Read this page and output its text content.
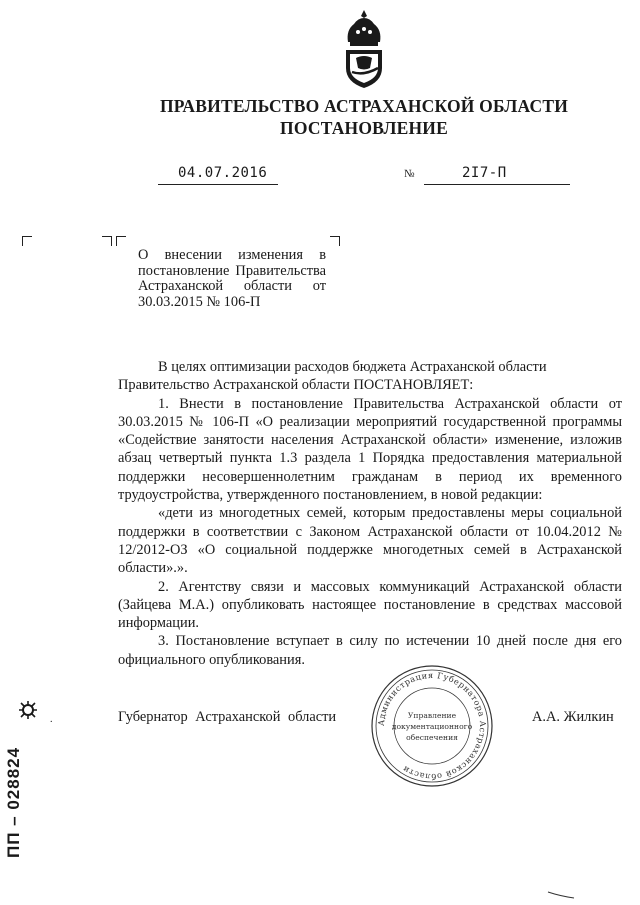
ПРАВИТЕЛЬСТВО АСТРАХАНСКОЙ ОБЛАСТИ
ПОСТАНОВЛЕНИЕ
04.07.2016	№	2I7-П
О внесении изменения в постановление Правительства Астраханской области от 30.03.2015 № 106-П

В целях оптимизации расходов бюджета Астраханской области

Правительство Астраханской области ПОСТАНОВЛЯЕТ:

1. Внести в постановление Правительства Астраханской области от 30.03.2015 № 106-П «О реализации мероприятий государственной программы «Содействие занятости населения Астраханской области» изменение, изложив абзац четвертый пункта 1.3 раздела 1 Порядка предоставления материальной поддержки несовершеннолетним гражданам в период их временного трудоустройства, утвержденного постановлением, в новой редакции:

«дети из многодетных семей, которым предоставлены меры социальной поддержки в соответствии с Законом Астраханской области от 10.04.2012 № 12/2012-ОЗ «О социальной поддержке многодетных семей в Астраханской области».».

2. Агентству связи и массовых коммуникаций Астраханской области (Зайцева М.А.) опубликовать настоящее постановление в средствах массовой информации.

3. Постановление вступает в силу по истечении 10 дней после дня его официального опубликования.

Губернатор Астраханской области	А.А. Жилкин
Администрация Губернатора Астраханской области
Управление
документационного
обеспечения
.
ПП – 028824
